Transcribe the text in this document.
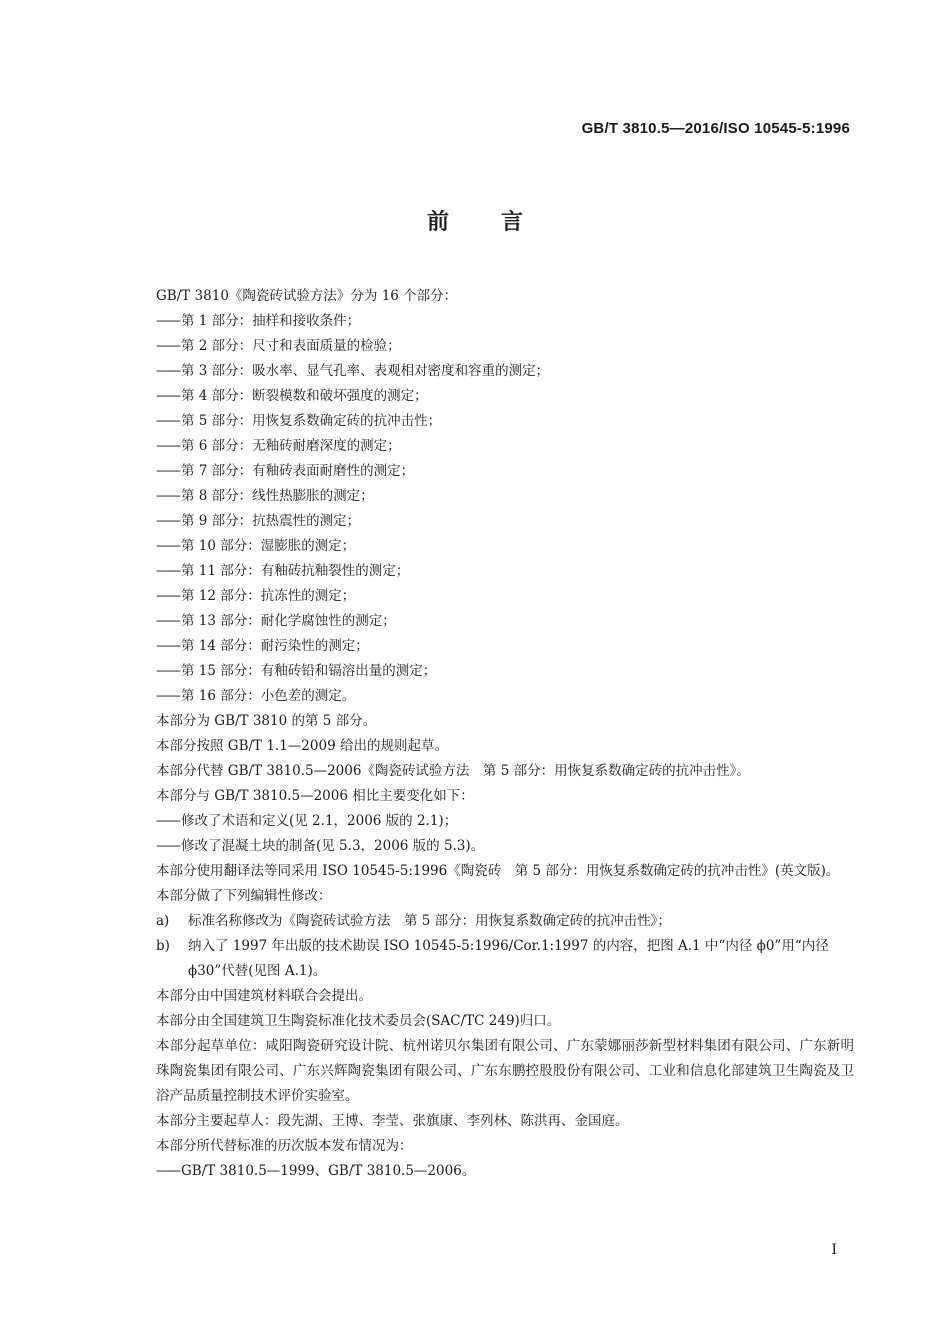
GB/T 3810.5—2016/ISO 10545-5:1996
前言
GB/T 3810《陶瓷砖试验方法》分为 16 个部分：
—— 第 1 部分：抽样和接收条件；
—— 第 2 部分：尺寸和表面质量的检验；
—— 第 3 部分：吸水率、显气孔率、表观相对密度和容重的测定；
—— 第 4 部分：断裂模数和破坏强度的测定；
—— 第 5 部分：用恢复系数确定砖的抗冲击性；
—— 第 6 部分：无釉砖耐磨深度的测定；
—— 第 7 部分：有釉砖表面耐磨性的测定；
—— 第 8 部分：线性热膨胀的测定；
—— 第 9 部分：抗热震性的测定；
—— 第 10 部分：湿膨胀的测定；
—— 第 11 部分：有釉砖抗釉裂性的测定；
—— 第 12 部分：抗冻性的测定；
—— 第 13 部分：耐化学腐蚀性的测定；
—— 第 14 部分：耐污染性的测定；
—— 第 15 部分：有釉砖铅和镉溶出量的测定；
—— 第 16 部分：小色差的测定。
本部分为 GB/T 3810 的第 5 部分。
本部分按照 GB/T 1.1—2009 给出的规则起草。
本部分代替 GB/T 3810.5—2006《陶瓷砖试验方法　第 5 部分：用恢复系数确定砖的抗冲击性》。
本部分与 GB/T 3810.5—2006 相比主要变化如下：
—— 修改了术语和定义(见 2.1，2006 版的 2.1)；
—— 修改了混凝土块的制备(见 5.3，2006 版的 5.3)。
本部分使用翻译法等同采用 ISO 10545-5:1996《陶瓷砖　第 5 部分：用恢复系数确定砖的抗冲击性》(英文版)。
本部分做了下列编辑性修改：
a)	标准名称修改为《陶瓷砖试验方法　第 5 部分：用恢复系数确定砖的抗冲击性》；
b)	纳入了 1997 年出版的技术勘误 ISO 10545-5:1996/Cor.1:1997 的内容，把图 A.1 中“内径 ϕ0”用“内径 ϕ30”代替(见图 A.1)。
本部分由中国建筑材料联合会提出。
本部分由全国建筑卫生陶瓷标准化技术委员会(SAC/TC 249)归口。
本部分起草单位：咸阳陶瓷研究设计院、杭州诺贝尔集团有限公司、广东蒙娜丽莎新型材料集团有限公司、广东新明珠陶瓷集团有限公司、广东兴辉陶瓷集团有限公司、广东东鹏控股股份有限公司、工业和信息化部建筑卫生陶瓷及卫浴产品质量控制技术评价实验室。
本部分主要起草人：段先湖、王博、李莹、张旗康、李列林、陈洪再、金国庭。
本部分所代替标准的历次版本发布情况为：
—— GB/T 3810.5—1999、GB/T 3810.5—2006。
I
